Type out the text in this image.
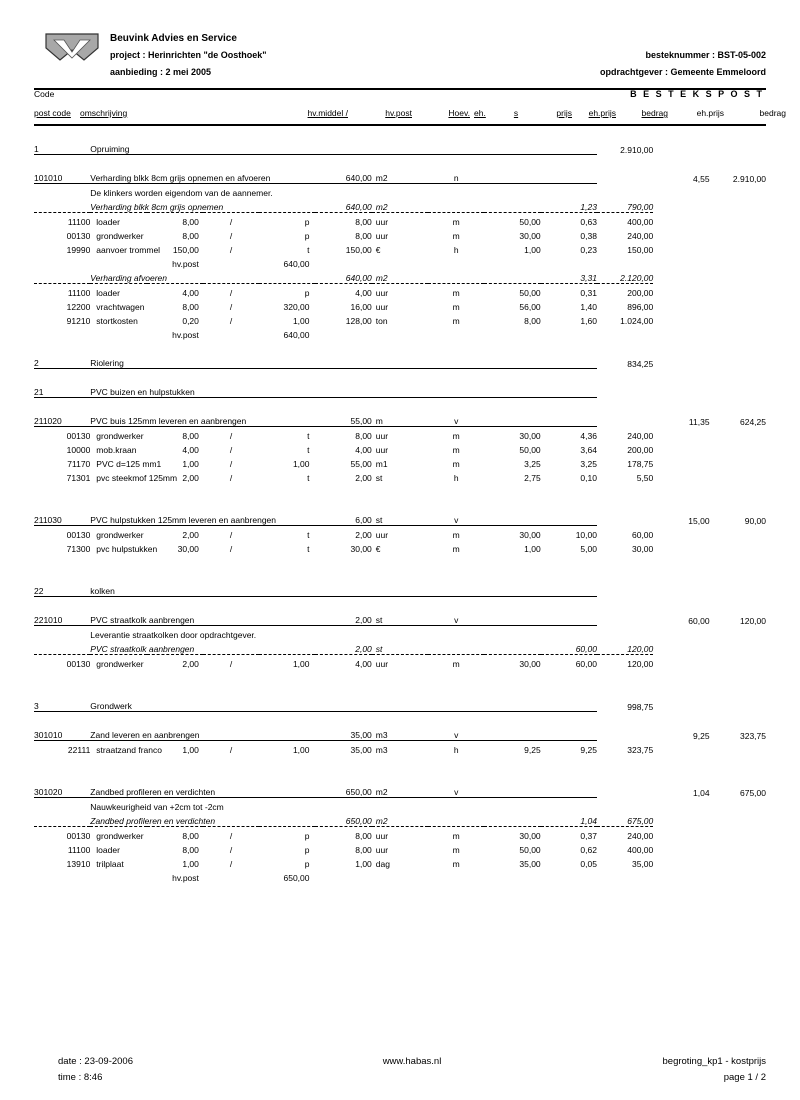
Beuvink Advies en Service
project : Herinrichten "de Oosthoek"
aanbieding : 2 mei 2005
besteknummer : BST-05-002
opdrachtgever : Gemeente Emmeloord
Code	B E S T E K S P O S T
post code	omschrijving	hv.middel /		hv.post	Hoev.	eh.	s	prijs	eh.prijs	bedrag	eh.prijs	bedrag

1	Opruiming									2.910,00		

101010	Verharding blkk 8cm grijs opnemen en afvoeren				640,00	m2	n				4,55	2.910,00
	De klinkers worden eigendom van de aannemer.											
	Verharding blkk 8cm grijs opnemen				640,00	m2			1,23	790,00		
11100	loader	8,00	/	p	8,00	uur	m	50,00	0,63	400,00		
00130	grondwerker	8,00	/	p	8,00	uur	m	30,00	0,38	240,00		
19990	aanvoer trommel	150,00	/	t	150,00	€	h	1,00	0,23	150,00		
		hv.post		640,00								
	Verharding afvoeren				640,00	m2			3,31	2.120,00		
11100	loader	4,00	/	p	4,00	uur	m	50,00	0,31	200,00		
12200	vrachtwagen	8,00	/	320,00	16,00	uur	m	56,00	1,40	896,00		
91210	stortkosten	0,20	/	1,00	128,00	ton	m	8,00	1,60	1.024,00		
		hv.post		640,00								

2	Riolering									834,25		

21	PVC buizen en hulpstukken											

211020	PVC buis 125mm leveren en aanbrengen				55,00	m	v				11,35	624,25
00130	grondwerker	8,00	/	t	8,00	uur	m	30,00	4,36	240,00		
10000	mob.kraan	4,00	/	t	4,00	uur	m	50,00	3,64	200,00		
71170	PVC d=125 mm1	1,00	/	1,00	55,00	m1	m	3,25	3,25	178,75		
71301	pvc steekmof 125mm	2,00	/	t	2,00	st	h	2,75	0,10	5,50		

211030	PVC hulpstukken 125mm leveren en aanbrengen				6,00	st	v				15,00	90,00
00130	grondwerker	2,00	/	t	2,00	uur	m	30,00	10,00	60,00		
71300	pvc hulpstukken	30,00	/	t	30,00	€	m	1,00	5,00	30,00		

22	kolken											

221010	PVC straatkolk aanbrengen				2,00	st	v				60,00	120,00
	Leverantie straatkolken door opdrachtgever.											
	PVC straatkolk aanbrengen				2,00	st			60,00	120,00		
00130	grondwerker	2,00	/	1,00	4,00	uur	m	30,00	60,00	120,00		

3	Grondwerk									998,75		

301010	Zand leveren en aanbrengen				35,00	m3	v				9,25	323,75
22111	straatzand franco	1,00	/	1,00	35,00	m3	h	9,25	9,25	323,75		

301020	Zandbed profileren en verdichten				650,00	m2	v				1,04	675,00
	Nauwkeurigheid van +2cm tot -2cm											
	Zandbed profileren en verdichten				650,00	m2			1,04	675,00		
00130	grondwerker	8,00	/	p	8,00	uur	m	30,00	0,37	240,00		
11100	loader	8,00	/	p	8,00	uur	m	50,00	0,62	400,00		
13910	trilplaat	1,00	/	p	1,00	dag	m	35,00	0,05	35,00		
		hv.post		650,00								
date : 23-09-2006	www.habas.nl	begroting_kp1 - kostprijs
time : 8:46	page 1 / 2
